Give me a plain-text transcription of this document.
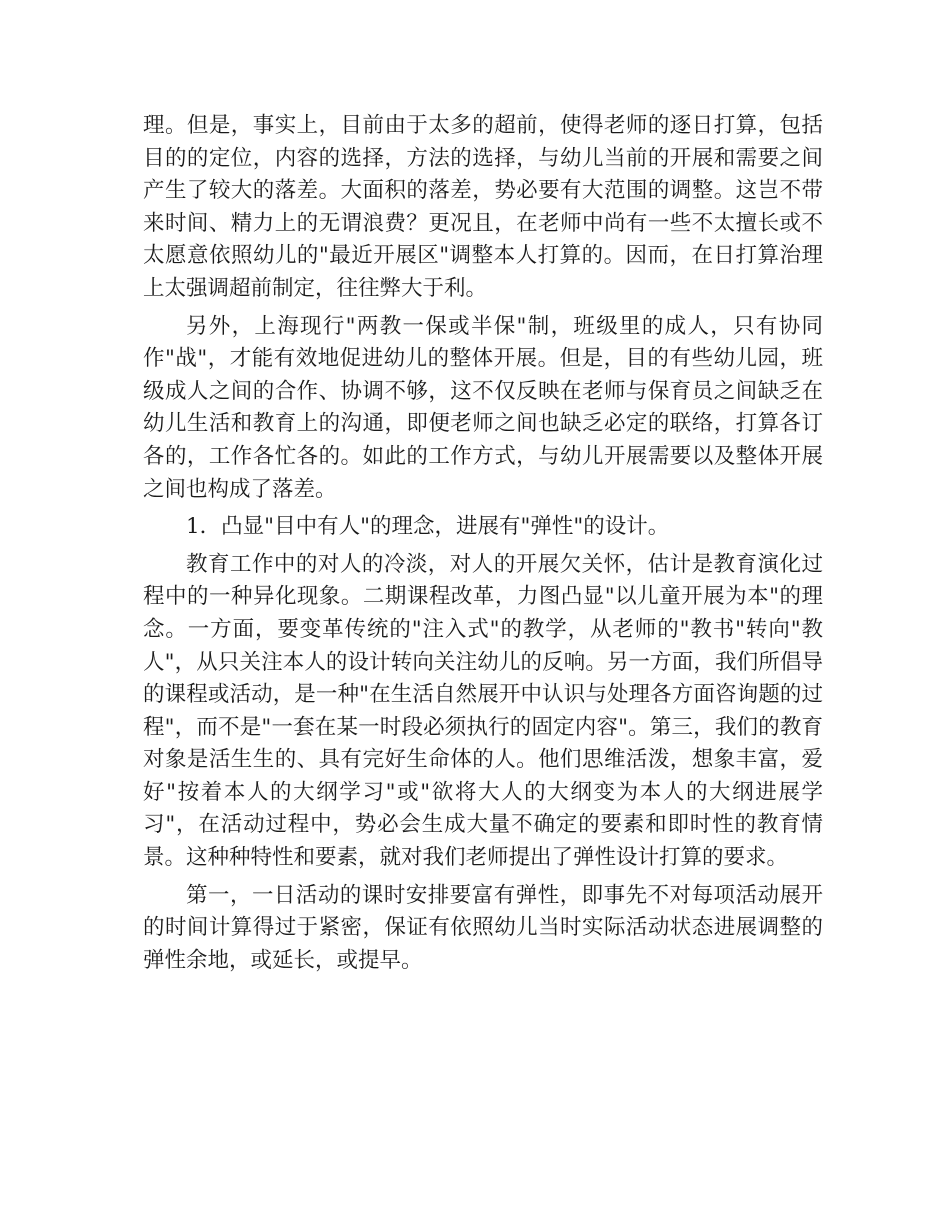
理。但是，事实上，目前由于太多的超前，使得老师的逐日打算，包括目的的定位，内容的选择，方法的选择，与幼儿当前的开展和需要之间产生了较大的落差。大面积的落差，势必要有大范围的调整。这岂不带来时间、精力上的无谓浪费？更况且，在老师中尚有一些不太擅长或不太愿意依照幼儿的"最近开展区"调整本人打算的。因而，在日打算治理上太强调超前制定，往往弊大于利。

另外，上海现行"两教一保或半保"制，班级里的成人，只有协同作"战"，才能有效地促进幼儿的整体开展。但是，目的有些幼儿园，班级成人之间的合作、协调不够，这不仅反映在老师与保育员之间缺乏在幼儿生活和教育上的沟通，即便老师之间也缺乏必定的联络，打算各订各的，工作各忙各的。如此的工作方式，与幼儿开展需要以及整体开展之间也构成了落差。

1．凸显"目中有人"的理念，进展有"弹性"的设计。

教育工作中的对人的冷淡，对人的开展欠关怀，估计是教育演化过程中的一种异化现象。二期课程改革，力图凸显"以儿童开展为本"的理念。一方面，要变革传统的"注入式"的教学，从老师的"教书"转向"教人"，从只关注本人的设计转向关注幼儿的反响。另一方面，我们所倡导的课程或活动，是一种"在生活自然展开中认识与处理各方面咨询题的过程"，而不是"一套在某一时段必须执行的固定内容"。第三，我们的教育对象是活生生的、具有完好生命体的人。他们思维活泼，想象丰富，爱好"按着本人的大纲学习"或"欲将大人的大纲变为本人的大纲进展学习"，在活动过程中，势必会生成大量不确定的要素和即时性的教育情景。这种种特性和要素，就对我们老师提出了弹性设计打算的要求。

第一，一日活动的课时安排要富有弹性，即事先不对每项活动展开的时间计算得过于紧密，保证有依照幼儿当时实际活动状态进展调整的弹性余地，或延长，或提早。
